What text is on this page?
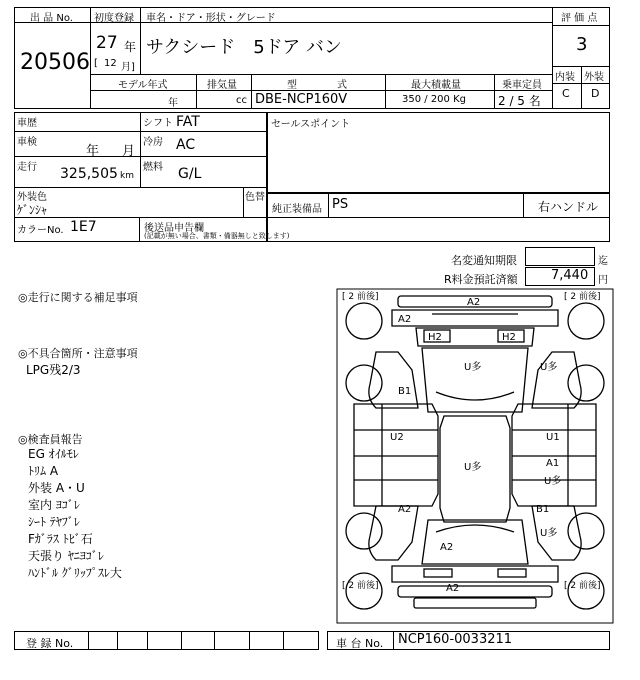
出 品 No.
20506
初度登録
27 年
[ 12 月]
車名・ドア・形状・グレード
サクシード　5ドア バン
評 価 点
3
内装 外装
C D
モデル年式
年
排気量
cc
型　　　　式
DBE-NCP160V
最大積載量
350 / 200 Kg
乗車定員
2 / 5 名
車歴
車検
年 月
走行 325,505 km
シフト FAT
冷房 AC
燃料 G/L
セールスポイント
外装色
ｹﾞﾝｼｬ
色替
純正装備品 PS	右ハンドル
カラーNo. 1E7	後送品申告欄
(記載が無い場合、書類・備器無しと致します)
名変通知期限	迄
R料金預託済額	7,440 円
◎走行に関する補足事項
◎不具合箇所・注意事項
LPG残2/3
◎検査員報告
EG ｵｲﾙﾓﾚ
ﾄﾘﾑ A
外装 A・U
室内 ﾖｺﾞﾚ
ｼｰﾄ ﾃﾔﾌﾞﾚ
Fｶﾞﾗｽ ﾄﾋﾞ石
天張り ﾔﾆﾖｺﾞﾚ
ﾊﾝﾄﾞﾙ ｸﾞﾘｯﾌﾟｽﾚ大
[ 2 前後]	[ 2 前後]
[ 2 前後]	[ 2 前後]
A2
A2
H2	H2
U多	U多
B1
U2	U1
U多	A1
U多
A2	B1
U多
A2
A2
登 録 No.	車 台 No. NCP160-0033211
